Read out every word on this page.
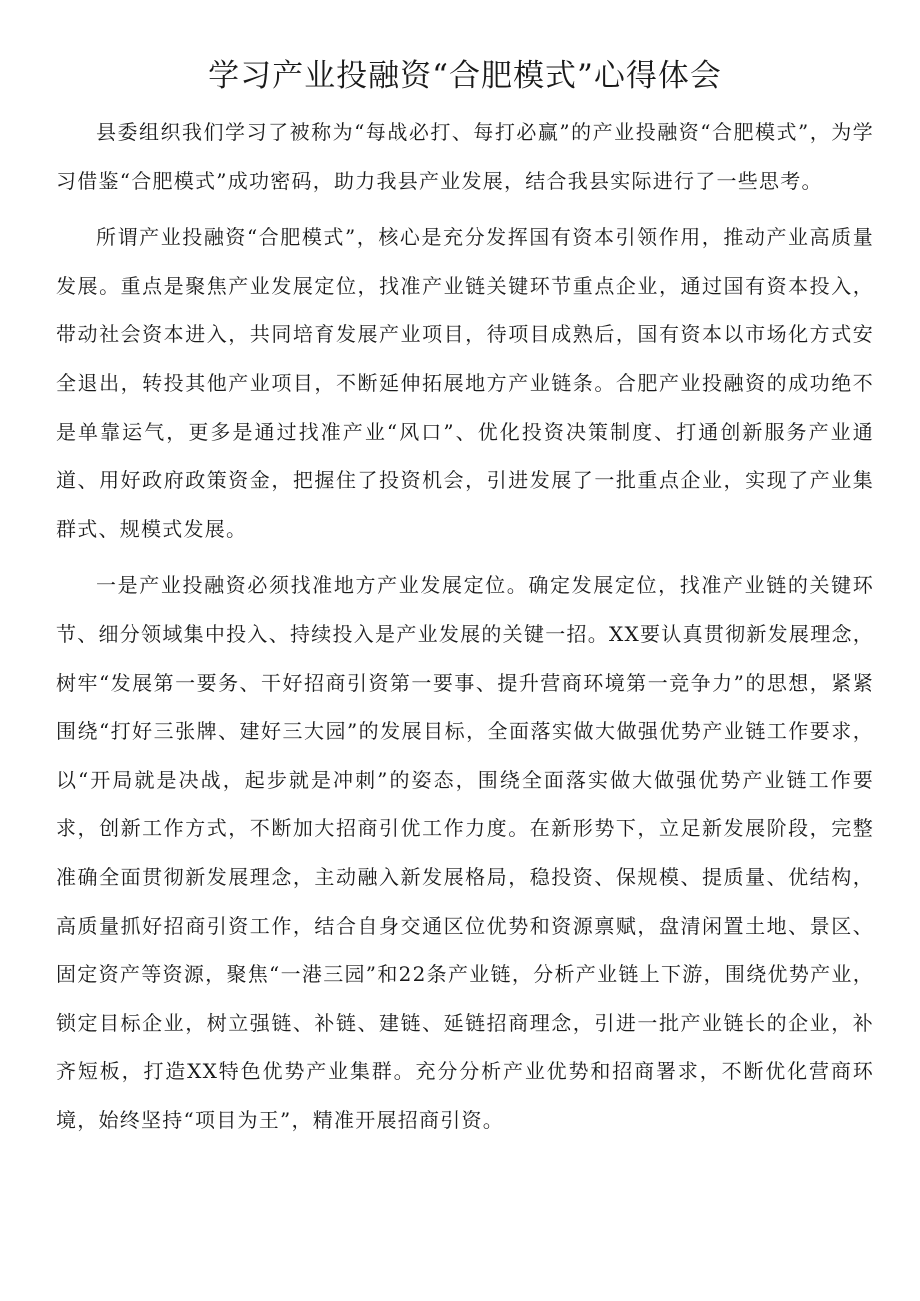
学习产业投融资“合肥模式”心得体会

县委组织我们学习了被称为“每战必打、每打必赢”的产业投融资“合肥模式”，为学习借鉴“合肥模式”成功密码，助力我县产业发展，结合我县实际进行了一些思考。

所谓产业投融资“合肥模式”，核心是充分发挥国有资本引领作用，推动产业高质量发展。重点是聚焦产业发展定位，找准产业链关键环节重点企业，通过国有资本投入，带动社会资本进入，共同培育发展产业项目，待项目成熟后，国有资本以市场化方式安全退出，转投其他产业项目，不断延伸拓展地方产业链条。合肥产业投融资的成功绝不是单靠运气，更多是通过找准产业“风口”、优化投资决策制度、打通创新服务产业通道、用好政府政策资金，把握住了投资机会，引进发展了一批重点企业，实现了产业集群式、规模式发展。

一是产业投融资必须找准地方产业发展定位。确定发展定位，找准产业链的关键环节、细分领域集中投入、持续投入是产业发展的关键一招。XX要认真贯彻新发展理念，树牢“发展第一要务、干好招商引资第一要事、提升营商环境第一竞争力”的思想，紧紧围绕“打好三张牌、建好三大园”的发展目标，全面落实做大做强优势产业链工作要求，以“开局就是决战，起步就是冲刺”的姿态，围绕全面落实做大做强优势产业链工作要求，创新工作方式，不断加大招商引优工作力度。在新形势下，立足新发展阶段，完整准确全面贯彻新发展理念，主动融入新发展格局，稳投资、保规模、提质量、优结构，高质量抓好招商引资工作，结合自身交通区位优势和资源禀赋，盘清闲置土地、景区、固定资产等资源，聚焦“一港三园”和22条产业链，分析产业链上下游，围绕优势产业，锁定目标企业，树立强链、补链、建链、延链招商理念，引进一批产业链长的企业，补齐短板，打造XX特色优势产业集群。充分分析产业优势和招商署求，不断优化营商环境，始终坚持“项目为王”，精准开展招商引资。
